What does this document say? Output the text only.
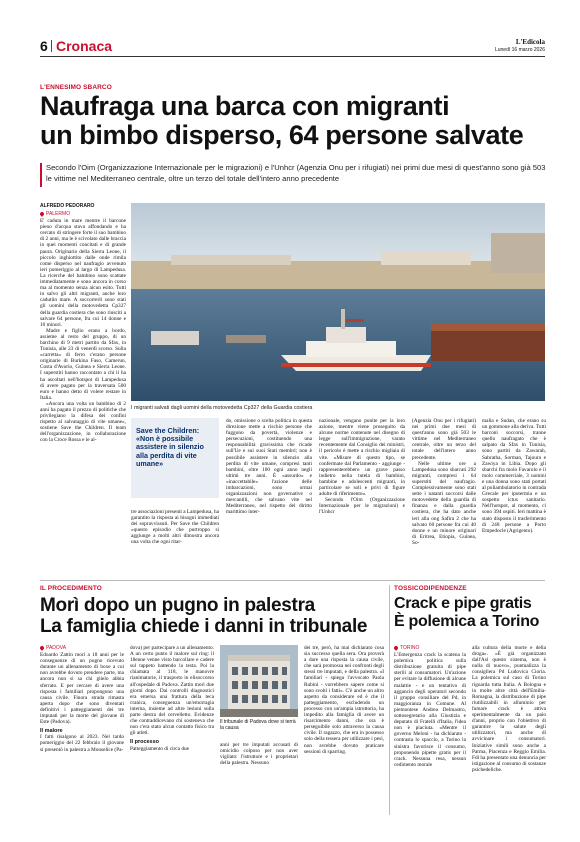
6 Cronaca	L'Edicola
Lunedì 16 marzo 2026
L'ENNESIMO SBARCO
Naufraga una barca con migranti
un bimbo disperso, 64 persone salvate

Secondo l'Oim (Organizzazione Internazionale per le migrazioni) e l'Unhcr (Agenzia Onu per i rifugiati) nei primi due mesi di quest'anno sono già 503 le vittime nel Mediterraneo centrale, oltre un terzo del totale dell'intero anno precedente

ALFREDO PEDORARO
PALERMO

E' caduta in mare mentre il barcone pieno d'acqua stava affondando e ha cercato di stringere forte il suo bambino di 2 anni, ma le è scivolato dalle braccia in quei momenti concitati e di grande paura. Originario della Sierra Leone, il piccolo inghiottito dalle onde rimila come disperso nel naufragio avvenuto ieri pomeriggio al largo di Lampedusa. La ricerche del bambino sono scattate immediatamente e sono ancora in corso ma al momento senza alcun esito. Tutti in salvo gli altri migranti, anche loro cadutiin mare. A soccorrerli sono stati gli uomini della motovedetta Cp327 della guardia costiera che sono riusciti a salvare 64 persone, fra cui 14 donne e 10 minori.

Madre e figlio erano a bordo, assieme al resto del gruppo, di un barchino di 9 metri partito da Sfax, in Tunisia, alle 23 di venerdì scorso. Sulla «carretta» di ferro c'erano persone originarie di Burkina Faso, Camerun, Costa d'Avorio, Guinea e Sierra Leone. I superstiti hanno raccontato a chi li ha ha ascoltati nell'hotspot di Lampedusa di avere pagato per la traversata 500 euro e hanno detto di volere restare in Italia.

«Ancora una volta un bambino di 2 anni ha pagato il prezzo di politiche che privilegiano la difesa dei confini rispetto al salvataggio di vite umane», sostiene Save the Children. Il team dell'organizzazione, in collaborazione con la Croce Rossa e le al-

I migranti salvati dagli uomini della motovedetta Cp327 della Guardia costiera
Save the Children:
«Non è possibile assistere in silenzio alla perdita di vite umane»

tre associazioni presenti a Lampedusa, ha garantito la risposta ai bisogni immediati dei sopravvissuti. Per Save the Children «questo episodio che purtroppo si aggiunge a molti altri dimostra ancora una volta che ogni ritar-

do, omissione o scelta politica in questa direzione mette a rischio persone che fuggono da povertà, violenze e persecuzioni, costituendo una responsabilità gravissima che ricade sull'Ue e sui suoi Stati membri; non è possibile assistere in silenzio alla perdita di vite umane, compresi tanti bambini, oltre 100 ogni anno negli ultimi tre anni. È «assurdo» e «inaccettabile» l'azione delle imbarcazioni, sono ormai organizzazioni non governative o mercantili, che salvano vite nel Mediterraneo, nel rispetto del diritto marittimo inter-

nazionale, vengano punite per la loro azione, mentre viene proseguito da alcune norme contenute nel disegno di legge sull'immigrazione, varato recentemente dal Consiglio dei ministri, il pericolo è mette a rischio migliaia di vite. «Misure di questo tipo, se confermate dal Parlamento - aggiunge - rappresenterebbero un grave passo indietro nella tutela di bambini, bambine e adolescenti migranti, in particolare se soli e privi di figure adulte di riferimento».

Secondo l'Oim (Organizzazione Internazionale per le migrazioni) e l'Unhcr

(Agenzia Onu per i rifugiati) nei primi due mesi di quest'anno sono già 503 le vittime nel Mediterraneo centrale, oltre un terzo del totale dell'intero anno precedente.

Nelle ultime ore a Lampedusa sono sbarcati 292 migranti, compresi i 64 superstiti del naufragio. Complessivamente sono stati sette i natanti soccorsi dalle motovedette della guardia di finanza e dalla guardia costiera, che ha dato anche ieri alla ong Safira 2 che ha salvato 60 persone fra cui 40 donne e un minore originari di Eritrea, Etiopia, Guinea, So-

malia e Sudan, che erano su un gommone alla deriva. Tutti barconi soccorsi, tranne quello naufragato che è salpato da Sfax in Tunisia, sono partiti da Zawarah, Sabratha, Sorman, Tajoura e Zawiya in Libia. Dopo gli sbarchi fra molo Favarolo e il molo commerciale, 3 uomini e una donna sono stati portati al poliambulatorio in contrada Grecale per ipotermia e un sospetto ictus sanitario. Nell'hotspot, al momento, ci sono 394 ospiti. Ieri mattina è stato disposto il trasferimento di 248 persone a Porto Empedocle (Agrigento).

IL PROCEDIMENTO
Morì dopo un pugno in palestra
La famiglia chiede i danni in tribunale
PADOVA

Edoardo Zattin morì a 18 anni per le conseguenze di un pugno ricevuto durante un allenamento di boxe a cui non avrebbe dovuto prendere parte, ma ancora non si sa chi glielo abbia sferrato. E per cercare di avere una risposta i familiari propongono una causa civile. Finora strada rimasta aperta dopo che sono diventati definitivi i patteggiamenti dei tre imputati per la morte del giovane di Este (Padova).

Il malore

I fatti risalgono al 2023. Nel tardo pomeriggio del 22 febbraio il giovane si presentò in palestra a Monselice (Pa-

dova) per partecipare a un allenamento. A un certo punto il malore sul ring: il 18enne venne visto barcollare e cadere sul tappeto battendo la testa. Poi la chiamata al 118, le manovre rianimatorie, il trasporto in elisoccorso all'ospedale di Padova. Zattin morì due giorni dopo. Dai controlli diagnostici era emersa una frattura della teca cranica, conseguenza un'emorragia interna, insieme ad altre lesioni sulla parte destra del cervelletto. Evidenze che contraddicevano chi sosteneva che non c'era stato alcun contatto fisico tra gli atleti.

Il processo

Patteggiamento di circa due

Il tribunale di Padova dove si terrà la causa

anni per tre imputati accusati di omicidio colposo per non aver vigilato: l'istruttore e i proprietari della palestra. Nessuno

dei tre, però, ha mai dichiarato cosa sia successo quella sera. Ora proverà a dare una risposta la causa civile, che sarà promossa nei confronti degli stessi tre imputati, e della palestra. «I familiari - spiega l'avvocato Paola Rubini - vorrebbero sapere come si sono svolti i fatti». C'è anche un altro aspetto da considerare ed è che il patteggiamento, escludendo un processo con un'ampia istruttoria, ha impedito alla famiglia di avere un risarcimento danni, che ora è perseguibile solo attraverso la causa civile. Il ragazzo, che era in possesso solo della tessera per utilizzare i pesi, non avrebbe dovuto praticare sessioni di sparring.

TOSSICODIPENDENZE
Crack e pipe gratis
È polemica a Torino
TORINO

L'Emergenza crack la scatena la polemica politica sulla distribuzione gratuita di pipe sterili ai consumatori. Un'azione per evitare la diffusione di alcune malattie - e un tentativo di aggancio degli operatori secondo il gruppo consiliare del Pd, in maggioranza in Comune. Al piemontese Andrea Delmastro, sottosegretario alla Giustizia e deputato di Fratelli d'Italia, l'idea non è piaciuta. «Mentre il governo Meloni - ha dichiarato - contrasta lo spaccio, a Torino la sinistra favorisce il consumo, proponendo pipette gratis per il crack. Nessuna resa, nessun cedimento morale

alla cultura della morte e della droga». «È già organizzato dall'Asl questo sistema, non è nulla di nuovo», puntualizza la consigliera Pd Ludovica Cioria. La polemica sul caso di Torino riguarda tutta Italia. A Bologna e in molte altre città dell'Emilia-Romagna, la distribuzione di pipe riutilizzabili in alluminio per fumare crack è attiva sperimentalmente da un paio d'anni, proprio con l'obiettivo di garantire la salute degli utilizzatori, ma anche di avvicinare i consumatori. Iniziative simili sono anche a Parma, Piacenza e Reggio Emilia. Fdl ha presentato una denuncia per istigazione al consumo di sostanze psichedeliche.
